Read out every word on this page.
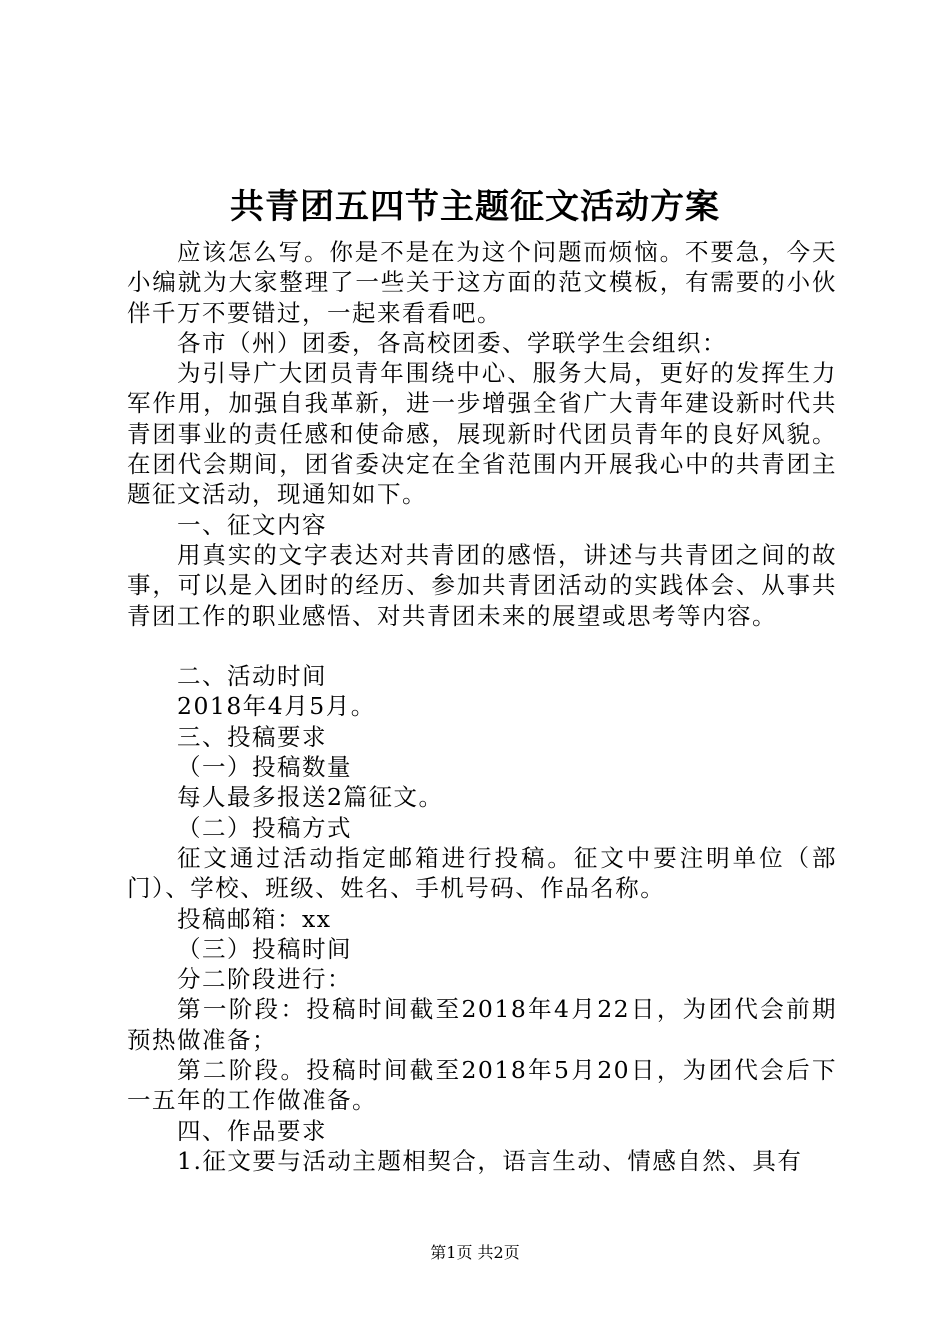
共青团五四节主题征文活动方案

应该怎么写。你是不是在为这个问题而烦恼。不要急，今天小编就为大家整理了一些关于这方面的范文模板，有需要的小伙伴千万不要错过，一起来看看吧。

各市（州）团委，各高校团委、学联学生会组织：

为引导广大团员青年围绕中心、服务大局，更好的发挥生力军作用，加强自我革新，进一步增强全省广大青年建设新时代共青团事业的责任感和使命感，展现新时代团员青年的良好风貌。在团代会期间，团省委决定在全省范围内开展我心中的共青团主题征文活动，现通知如下。

一、征文内容

用真实的文字表达对共青团的感悟，讲述与共青团之间的故事，可以是入团时的经历、参加共青团活动的实践体会、从事共青团工作的职业感悟、对共青团未来的展望或思考等内容。

二、活动时间

2018年4月5月。

三、投稿要求

（一）投稿数量

每人最多报送2篇征文。

（二）投稿方式

征文通过活动指定邮箱进行投稿。征文中要注明单位（部门）、学校、班级、姓名、手机号码、作品名称。

投稿邮箱：xx

（三）投稿时间

分二阶段进行：

第一阶段：投稿时间截至2018年4月22日，为团代会前期预热做准备；

第二阶段。投稿时间截至2018年5月20日，为团代会后下一五年的工作做准备。

四、作品要求

1.征文要与活动主题相契合，语言生动、情感自然、具有

第1页 共2页
